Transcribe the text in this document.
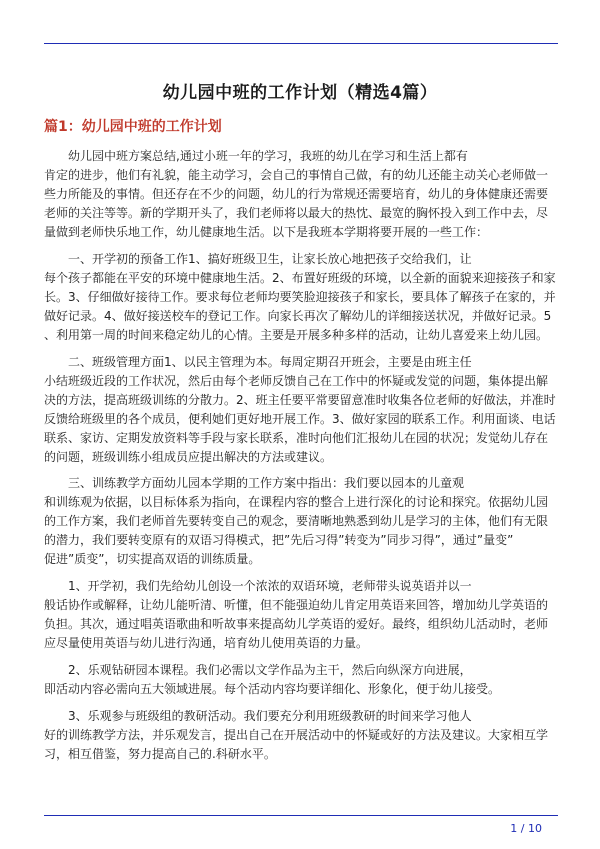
幼儿园中班的工作计划（精选4篇）
篇1：幼儿园中班的工作计划

幼儿园中班方案总结,通过小班一年的学习，我班的幼儿在学习和生活上都有
肯定的进步，他们有礼貌，能主动学习，会自己的事情自己做，有的幼儿还能主动关心老师做一
些力所能及的事情。但还存在不少的问题，幼儿的行为常规还需要培育，幼儿的身体健康还需要
老师的关注等等。新的学期开头了，我们老师将以最大的热忱、最宽的胸怀投入到工作中去，尽
量做到老师快乐地工作，幼儿健康地生活。以下是我班本学期将要开展的一些工作：

一、开学初的预备工作1、搞好班级卫生，让家长放心地把孩子交给我们，让
每个孩子都能在平安的环境中健康地生活。2、布置好班级的环境，以全新的面貌来迎接孩子和家
长。3、仔细做好接待工作。要求每位老师均要笑脸迎接孩子和家长，要具体了解孩子在家的，并
做好记录。4、做好接送校车的登记工作。向家长再次了解幼儿的详细接送状况，并做好记录。5
、利用第一周的时间来稳定幼儿的心情。主要是开展多种多样的活动，让幼儿喜爱来上幼儿园。

二、班级管理方面1、以民主管理为本。每周定期召开班会，主要是由班主任
小结班级近段的工作状况，然后由每个老师反馈自己在工作中的怀疑或发觉的问题，集体提出解
决的方法，提高班级训练的分散力。2、班主任要平常要留意准时收集各位老师的好做法，并准时
反馈给班级里的各个成员，便利她们更好地开展工作。3、做好家园的联系工作。利用面谈、电话
联系、家访、定期发放资料等手段与家长联系，准时向他们汇报幼儿在园的状况；发觉幼儿存在
的问题，班级训练小组成员应提出解决的方法或建议。

三、训练教学方面幼儿园本学期的工作方案中指出：我们要以园本的儿童观
和训练观为依据，以目标体系为指向，在课程内容的整合上进行深化的讨论和探究。依据幼儿园
的工作方案，我们老师首先要转变自己的观念，要清晰地熟悉到幼儿是学习的主体，他们有无限
的潜力，我们要转变原有的双语习得模式，把”先后习得”转变为”同步习得”，通过”量变”
促进”质变”，切实提高双语的训练质量。

1、开学初，我们先给幼儿创设一个浓浓的双语环境，老师带头说英语并以一
般话协作或解释，让幼儿能听清、听懂，但不能强迫幼儿肯定用英语来回答，增加幼儿学英语的
负担。其次，通过唱英语歌曲和听故事来提高幼儿学英语的爱好。最终，组织幼儿活动时，老师
应尽量使用英语与幼儿进行沟通，培育幼儿使用英语的力量。

2、乐观钻研园本课程。我们必需以文学作品为主干，然后向纵深方向进展，
即活动内容必需向五大领域进展。每个活动内容均要详细化、形象化，便于幼儿接受。

3、乐观参与班级组的教研活动。我们要充分利用班级教研的时间来学习他人
好的训练教学方法，并乐观发言，提出自己在开展活动中的怀疑或好的方法及建议。大家相互学
习，相互借鉴，努力提高自己的.科研水平。

1 / 10
